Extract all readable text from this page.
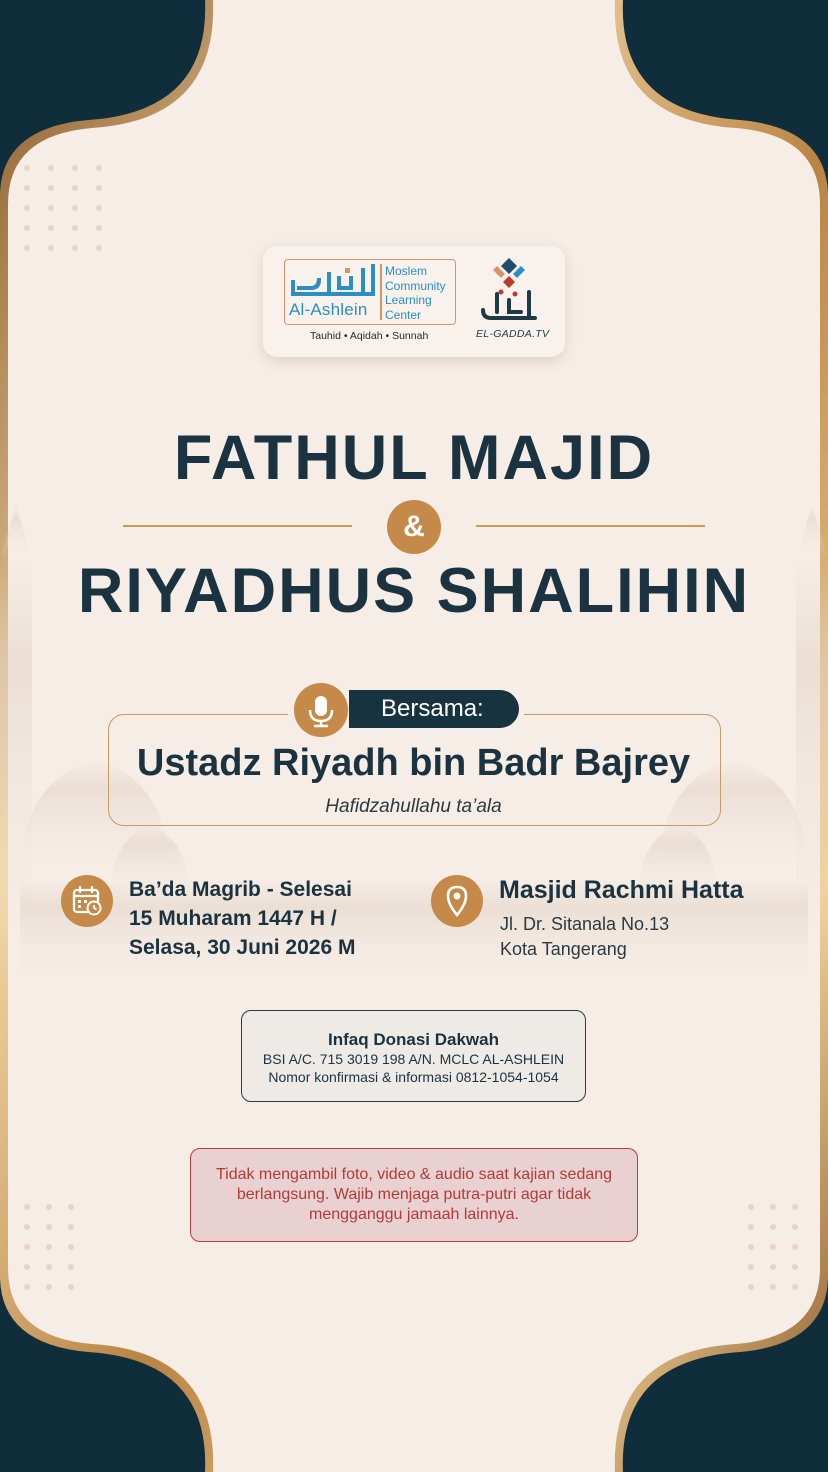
Al-Ashlein
Moslem
Community
Learning
Center
Tauhid • Aqidah • Sunnah	EL-GADDA.TV
FATHUL MAJID
&
RIYADHUS SHALIHIN
Bersama:
Ustadz Riyadh bin Badr Bajrey
Hafidzahullahu ta’ala
Ba’da Magrib - Selesai
15 Muharam 1447 H /
Selasa, 30 Juni 2026 M
Masjid Rachmi Hatta
Jl. Dr. Sitanala No.13
Kota Tangerang
Infaq Donasi Dakwah
BSI A/C. 715 3019 198 A/N. MCLC AL-ASHLEIN
Nomor konfirmasi & informasi 0812-1054-1054
Tidak mengambil foto, video & audio saat kajian sedang berlangsung. Wajib menjaga putra-putri agar tidak mengganggu jamaah lainnya.
